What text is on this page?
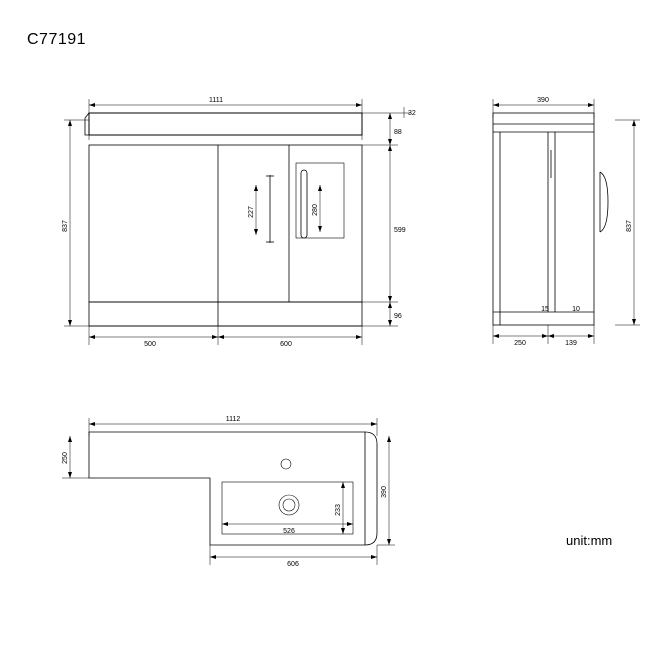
C77191
unit:mm
1111
32
88
599
96
837
500	600
227	280
390
837
15	10
250	139
1112
250
390
526
233
606
